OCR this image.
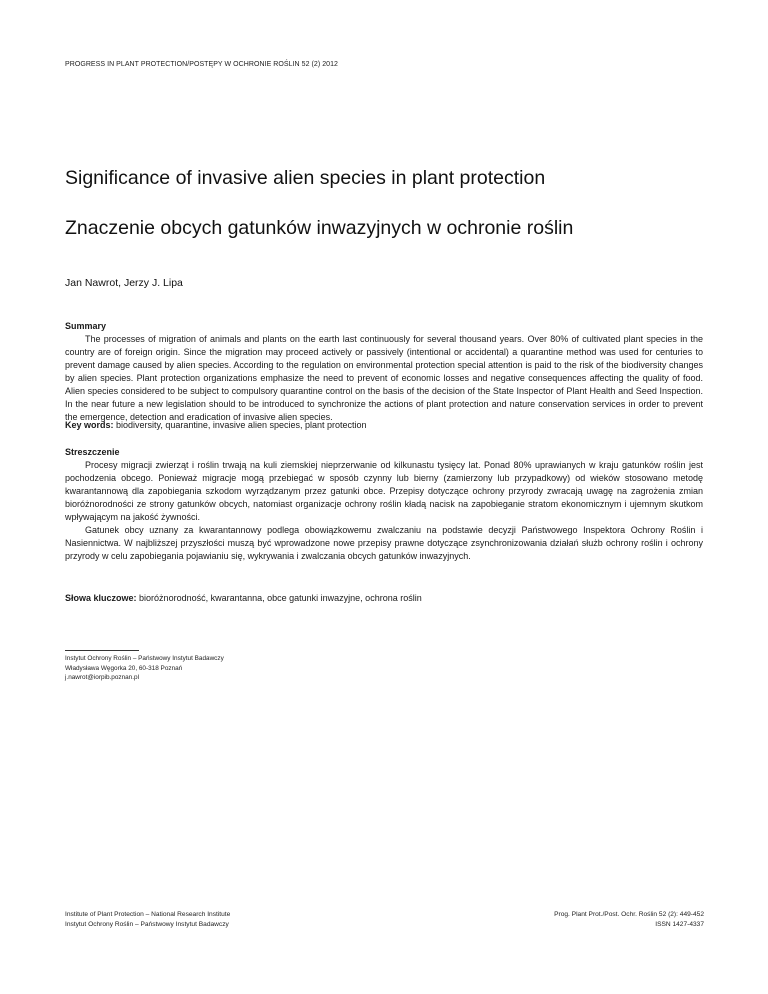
PROGRESS IN PLANT PROTECTION/POSTĘPY W OCHRONIE ROŚLIN 52 (2) 2012
Significance of invasive alien species in plant protection
Znaczenie obcych gatunków inwazyjnych w ochronie roślin
Jan Nawrot, Jerzy J. Lipa
Summary

The processes of migration of animals and plants on the earth last continuously for several thousand years. Over 80% of cultivated plant species in the country are of foreign origin. Since the migration may proceed actively or passively (intentional or accidental) a quarantine method was used for centuries to prevent damage caused by alien species. According to the regulation on environmental protection special attention is paid to the risk of the biodiversity changes by alien species. Plant protection organizations emphasize the need to prevent of economic losses and negative consequences affecting the quality of food. Alien species considered to be subject to compulsory quarantine control on the basis of the decision of the State Inspector of Plant Health and Seed Inspection. In the near future a new legislation should to be introduced to synchronize the actions of plant protection and nature conservation services in order to prevent the emergence, detection and eradication of invasive alien species.

Key words: biodiversity, quarantine, invasive alien species, plant protection
Streszczenie

Procesy migracji zwierząt i roślin trwają na kuli ziemskiej nieprzerwanie od kilkunastu tysięcy lat. Ponad 80% uprawianych w kraju gatunków roślin jest pochodzenia obcego. Ponieważ migracje mogą przebiegać w sposób czynny lub bierny (zamierzony lub przypadkowy) od wieków stosowano metodę kwarantannową dla zapobiegania szkodom wyrządzanym przez gatunki obce. Przepisy dotyczące ochrony przyrody zwracają uwagę na zagrożenia zmian bioróżnorodności ze strony gatunków obcych, natomiast organizacje ochrony roślin kładą nacisk na zapobieganie stratom ekonomicznym i ujemnym skutkom wpływającym na jakość żywności.

Gatunek obcy uznany za kwarantannowy podlega obowiązkowemu zwalczaniu na podstawie decyzji Państwowego Inspektora Ochrony Roślin i Nasiennictwa. W najbliższej przyszłości muszą być wprowadzone nowe przepisy prawne dotyczące zsynchronizowania działań służb ochrony roślin i ochrony przyrody w celu zapobiegania pojawianiu się, wykrywania i zwalczania obcych gatunków inwazyjnych.

Słowa kluczowe: bioróżnorodność, kwarantanna, obce gatunki inwazyjne, ochrona roślin
Instytut Ochrony Roślin – Państwowy Instytut Badawczy
Władysława Węgorka 20, 60-318 Poznań
j.nawrot@iorpib.poznan.pl
Institute of Plant Protection – National Research Institute
Instytut Ochrony Roślin – Państwowy Instytut Badawczy
Prog. Plant Prot./Post. Ochr. Roślin 52 (2): 449-452
ISSN 1427-4337
